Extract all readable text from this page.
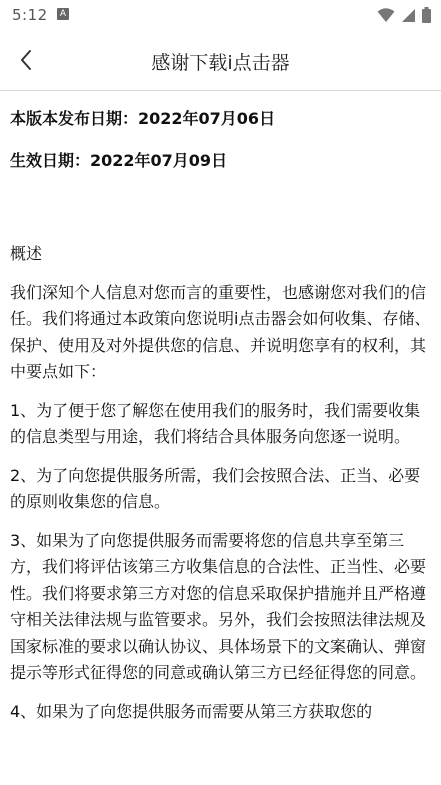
5:12	A
感谢下载i点击器

本版本发布日期：2022年07月06日

生效日期：2022年07月09日

概述

我们深知个人信息对您而言的重要性，也感谢您对我们的信任。我们将通过本政策向您说明i点击器会如何收集、存储、保护、使用及对外提供您的信息、并说明您享有的权利，其中要点如下：

1、为了便于您了解您在使用我们的服务时，我们需要收集的信息类型与用途，我们将结合具体服务向您逐一说明。

2、为了向您提供服务所需，我们会按照合法、正当、必要的原则收集您的信息。

3、如果为了向您提供服务而需要将您的信息共享至第三方，我们将评估该第三方收集信息的合法性、正当性、必要性。我们将要求第三方对您的信息采取保护措施并且严格遵守相关法律法规与监管要求。另外，我们会按照法律法规及国家标准的要求以确认协议、具体场景下的文案确认、弹窗提示等形式征得您的同意或确认第三方已经征得您的同意。

4、如果为了向您提供服务而需要从第三方获取您的
